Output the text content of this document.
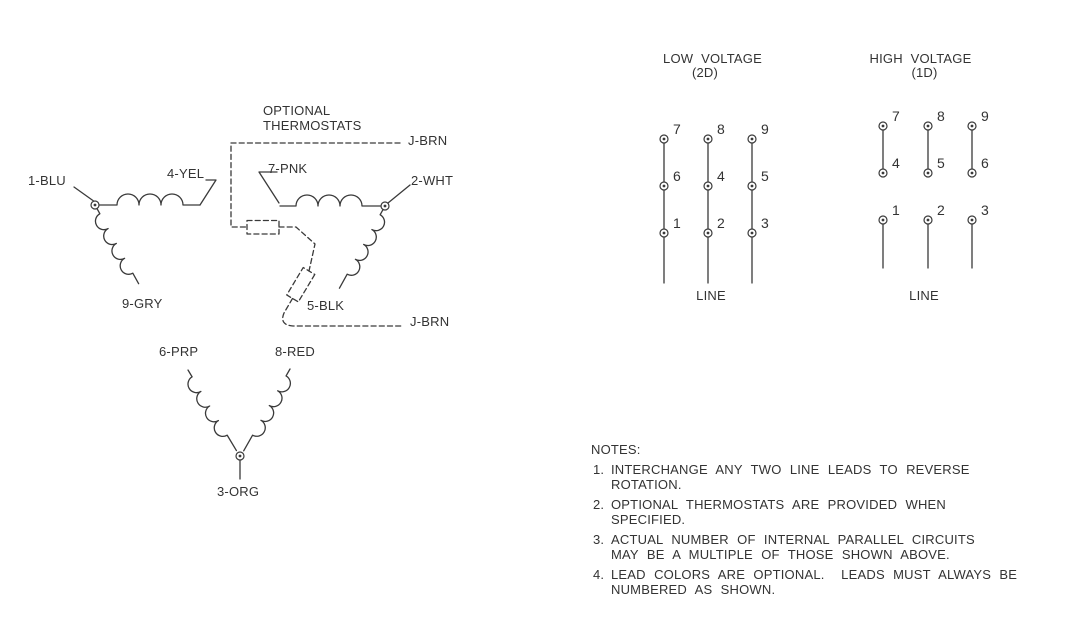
1-BLU	4-YEL
OPTIONAL
THERMOSTATS
J-BRN
7-PNK
2-WHT
9-GRY	5-BLK
J-BRN
6-PRP	8-RED
3-ORG
LOW VOLTAGE
(2D)
7
6
1
8
4
2
9
5
3
LINE
HIGH VOLTAGE
(1D)
7
4
1
8
5
2
9
6
3
LINE
NOTES:
1. INTERCHANGE ANY TWO LINE LEADS TO REVERSE
ROTATION.
2. OPTIONAL THERMOSTATS ARE PROVIDED WHEN
SPECIFIED.
3. ACTUAL NUMBER OF INTERNAL PARALLEL CIRCUITS
MAY BE A MULTIPLE OF THOSE SHOWN ABOVE.
4. LEAD COLORS ARE OPTIONAL.  LEADS MUST ALWAYS BE
NUMBERED AS SHOWN.
